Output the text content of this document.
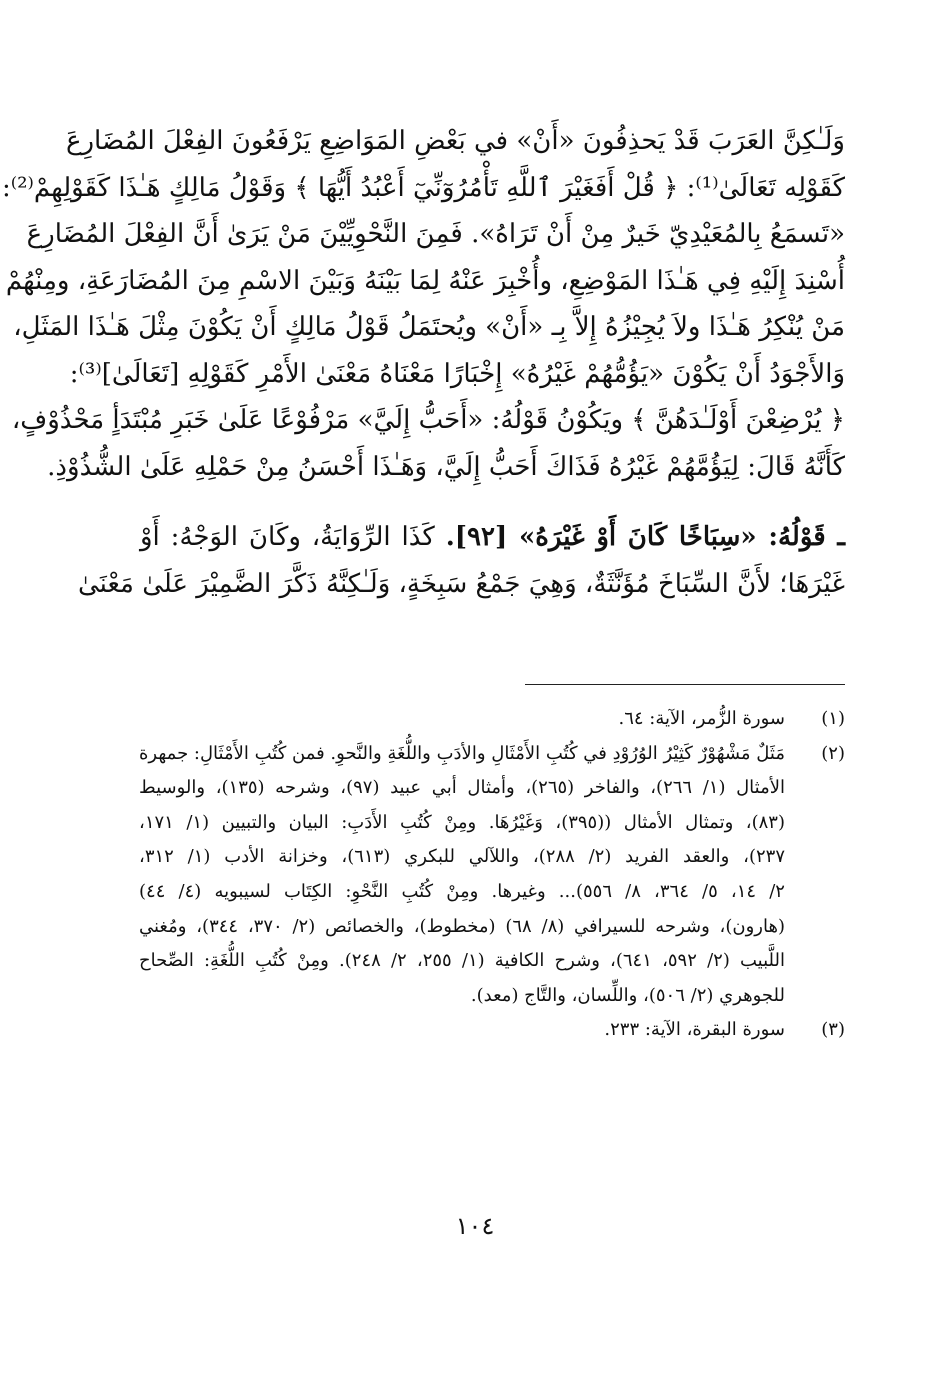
وَلَـٰكِنَّ العَرَبَ قَدْ يَحذِفُونَ «أَنْ» في بَعْضِ المَوَاضِعِ يَرْفَعُونَ الفِعْلَ المُضَارِعَ
كَقَوْلِه تَعَالَىٰ⁽¹⁾: ﴿ قُلْ أَفَغَيْرَ ٱللَّهِ تَأْمُرُوٓنِّيٓ أَعْبُدُ أَيُّهَا ﴾ وَقَوْلُ مَالِكٍ هَـٰذَا كَقَوْلِهِمْ⁽²⁾:
«تَسمَعُ بِالمُعَيْدِيّ خَيرٌ مِنْ أَنْ تَرَاهُ». فَمِنَ النَّحْوِيِّيْنَ مَنْ يَرَىٰ أَنَّ الفِعْلَ المُضَارِعَ
أُسْنِدَ إِلَيْهِ فِي هَـٰذَا المَوْضِعِ، وأُخْبِرَ عَنْهُ لِمَا بَيْنَهُ وَبَيْنَ الاسْمِ مِنَ المُضَارَعَةِ، ومِنْهُمْ
مَنْ يُنْكِرُ هَـٰذَا ولاَ يُجِيْزُهُ إِلاَّ بِـ «أَنْ» ويُحتَمَلُ قَوْلُ مَالِكٍ أَنْ يَكُوْنَ مِثْلَ هَـٰذَا المَثَلِ،
وَالأَجْوَدُ أَنْ يَكُوْنَ «يَؤُمُّهُمْ غَيْرُهُ» إِخْبَارًا مَعْنَاهُ مَعْنَىٰ الأَمْرِ كَقَوْلِهِ [تَعَالَىٰ]⁽³⁾:
﴿ يُرْضِعْنَ أَوْلَـٰدَهُنَّ ﴾ ويَكُوْنُ قَوْلُهُ: «أَحَبُّ إِلَيَّ» مَرْفُوْعًا عَلَىٰ خَبَرِ مُبْتَدَأٍ مَحْذُوْفٍ،
كَأَنَّهُ قَالَ: لِيَؤُمَّهُمْ غَيْرُهُ فَذَاكَ أَحَبُّ إِلَيَّ، وَهَـٰذَا أَحْسَنُ مِنْ حَمْلِهِ عَلَىٰ الشُّذُوْذِ.

ـ قَوْلُهُ: «سِبَاخًا كَانَ أَوْ غَيْرَهُ» [٩٢]. كَذَا الرِّوَايَةُ، وكَانَ الوَجْهُ: أَوْ
غَيْرَهَا؛ لأَنَّ السِّبَاخَ مُؤَنَّثَةٌ، وَهِيَ جَمْعُ سَبِخَةٍ، وَلَـٰكِنَّهُ ذَكَّرَ الضَّمِيْرَ عَلَىٰ مَعْنَىٰ

(١)
سورة الزُّمر، الآية: ٦٤.
(٢)
مَثَلٌ مَشْهُوْرٌ كَثِيْرُ الوُرُوْدِ في كُتُبِ الأَمْثَالِ والأدَبِ واللُّغَةِ والنَّحوِ. فمن كُتُبِ الأَمْثَالِ: جمهرة
الأمثال (١/ ٢٦٦)، والفاخر (٢٦٥)، وأمثال أبي عبيد (٩٧)، وشرحه (١٣٥)، والوسيط
(٨٣)، وتمثال الأمثال ((٣٩٥)، وَغَيْرُهَا. ومِنْ كُتُبِ الأَدَبِ: البيان والتبيين (١/ ١٧١،
٢٣٧)، والعقد الفريد (٢/ ٢٨٨)، واللآلي للبكري (٦١٣)، وخزانة الأدب (١/ ٣١٢،
٢/ ١٤، ٥/ ٣٦٤، ٨/ ٥٥٦)... وغيرها. ومِنْ كُتُبِ النَّحْوِ: الكِتَاب لسيبويه (٤/ ٤٤)
(هارون)، وشرحه للسيرافي (٨/ ٦٨) (مخطوط)، والخصائص (٢/ ٣٧٠، ٣٤٤)، ومُغني
اللَّبيب (٢/ ٥٩٢، ٦٤١)، وشرح الكافية (١/ ٢٥٥، ٢/ ٢٤٨). ومِنْ كُتُبِ اللُّغَةِ: الصِّحاح
للجوهري (٢/ ٥٠٦)، واللِّسان، والتَّاج (معد).
(٣)
سورة البقرة، الآية: ٢٣٣.
١٠٤
